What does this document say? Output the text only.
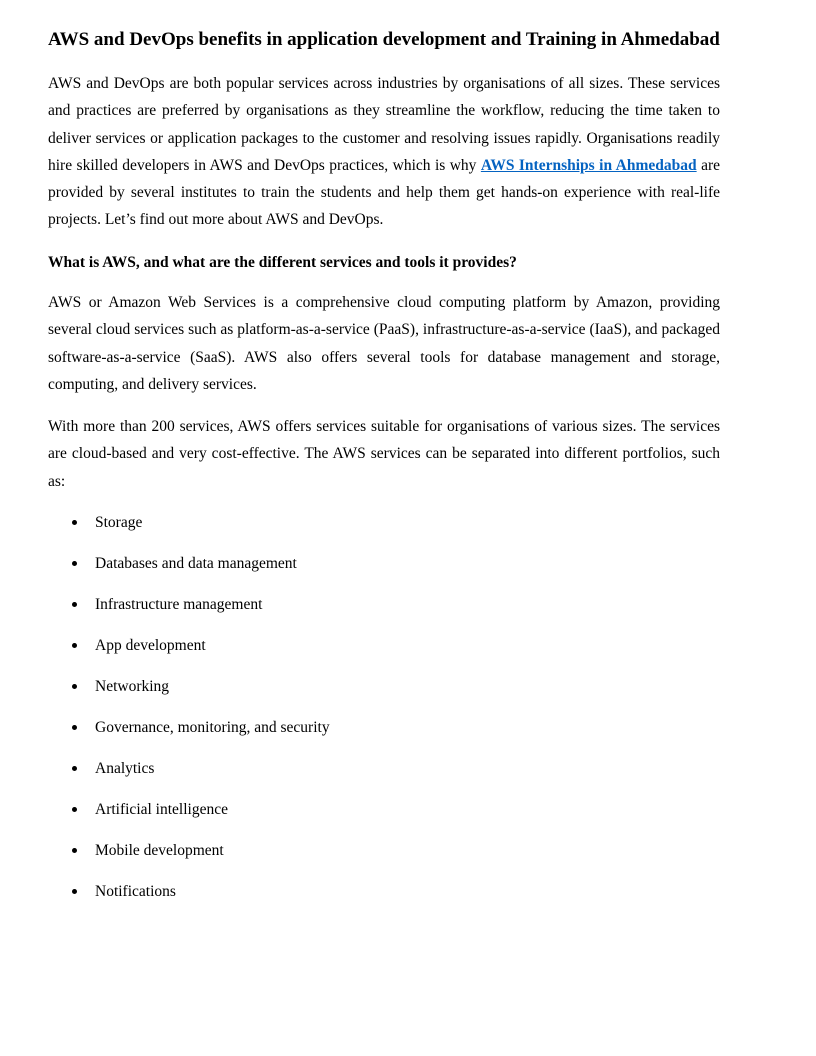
AWS and DevOps benefits in application development and Training in Ahmedabad

AWS and DevOps are both popular services across industries by organisations of all sizes. These services and practices are preferred by organisations as they streamline the workflow, reducing the time taken to deliver services or application packages to the customer and resolving issues rapidly. Organisations readily hire skilled developers in AWS and DevOps practices, which is why AWS Internships in Ahmedabad are provided by several institutes to train the students and help them get hands-on experience with real-life projects. Let’s find out more about AWS and DevOps.

What is AWS, and what are the different services and tools it provides?

AWS or Amazon Web Services is a comprehensive cloud computing platform by Amazon, providing several cloud services such as platform-as-a-service (PaaS), infrastructure-as-a-service (IaaS), and packaged software-as-a-service (SaaS). AWS also offers several tools for database management and storage, computing, and delivery services.

With more than 200 services, AWS offers services suitable for organisations of various sizes. The services are cloud-based and very cost-effective. The AWS services can be separated into different portfolios, such as:

Storage
Databases and data management
Infrastructure management
App development
Networking
Governance, monitoring, and security
Analytics
Artificial intelligence
Mobile development
Notifications
